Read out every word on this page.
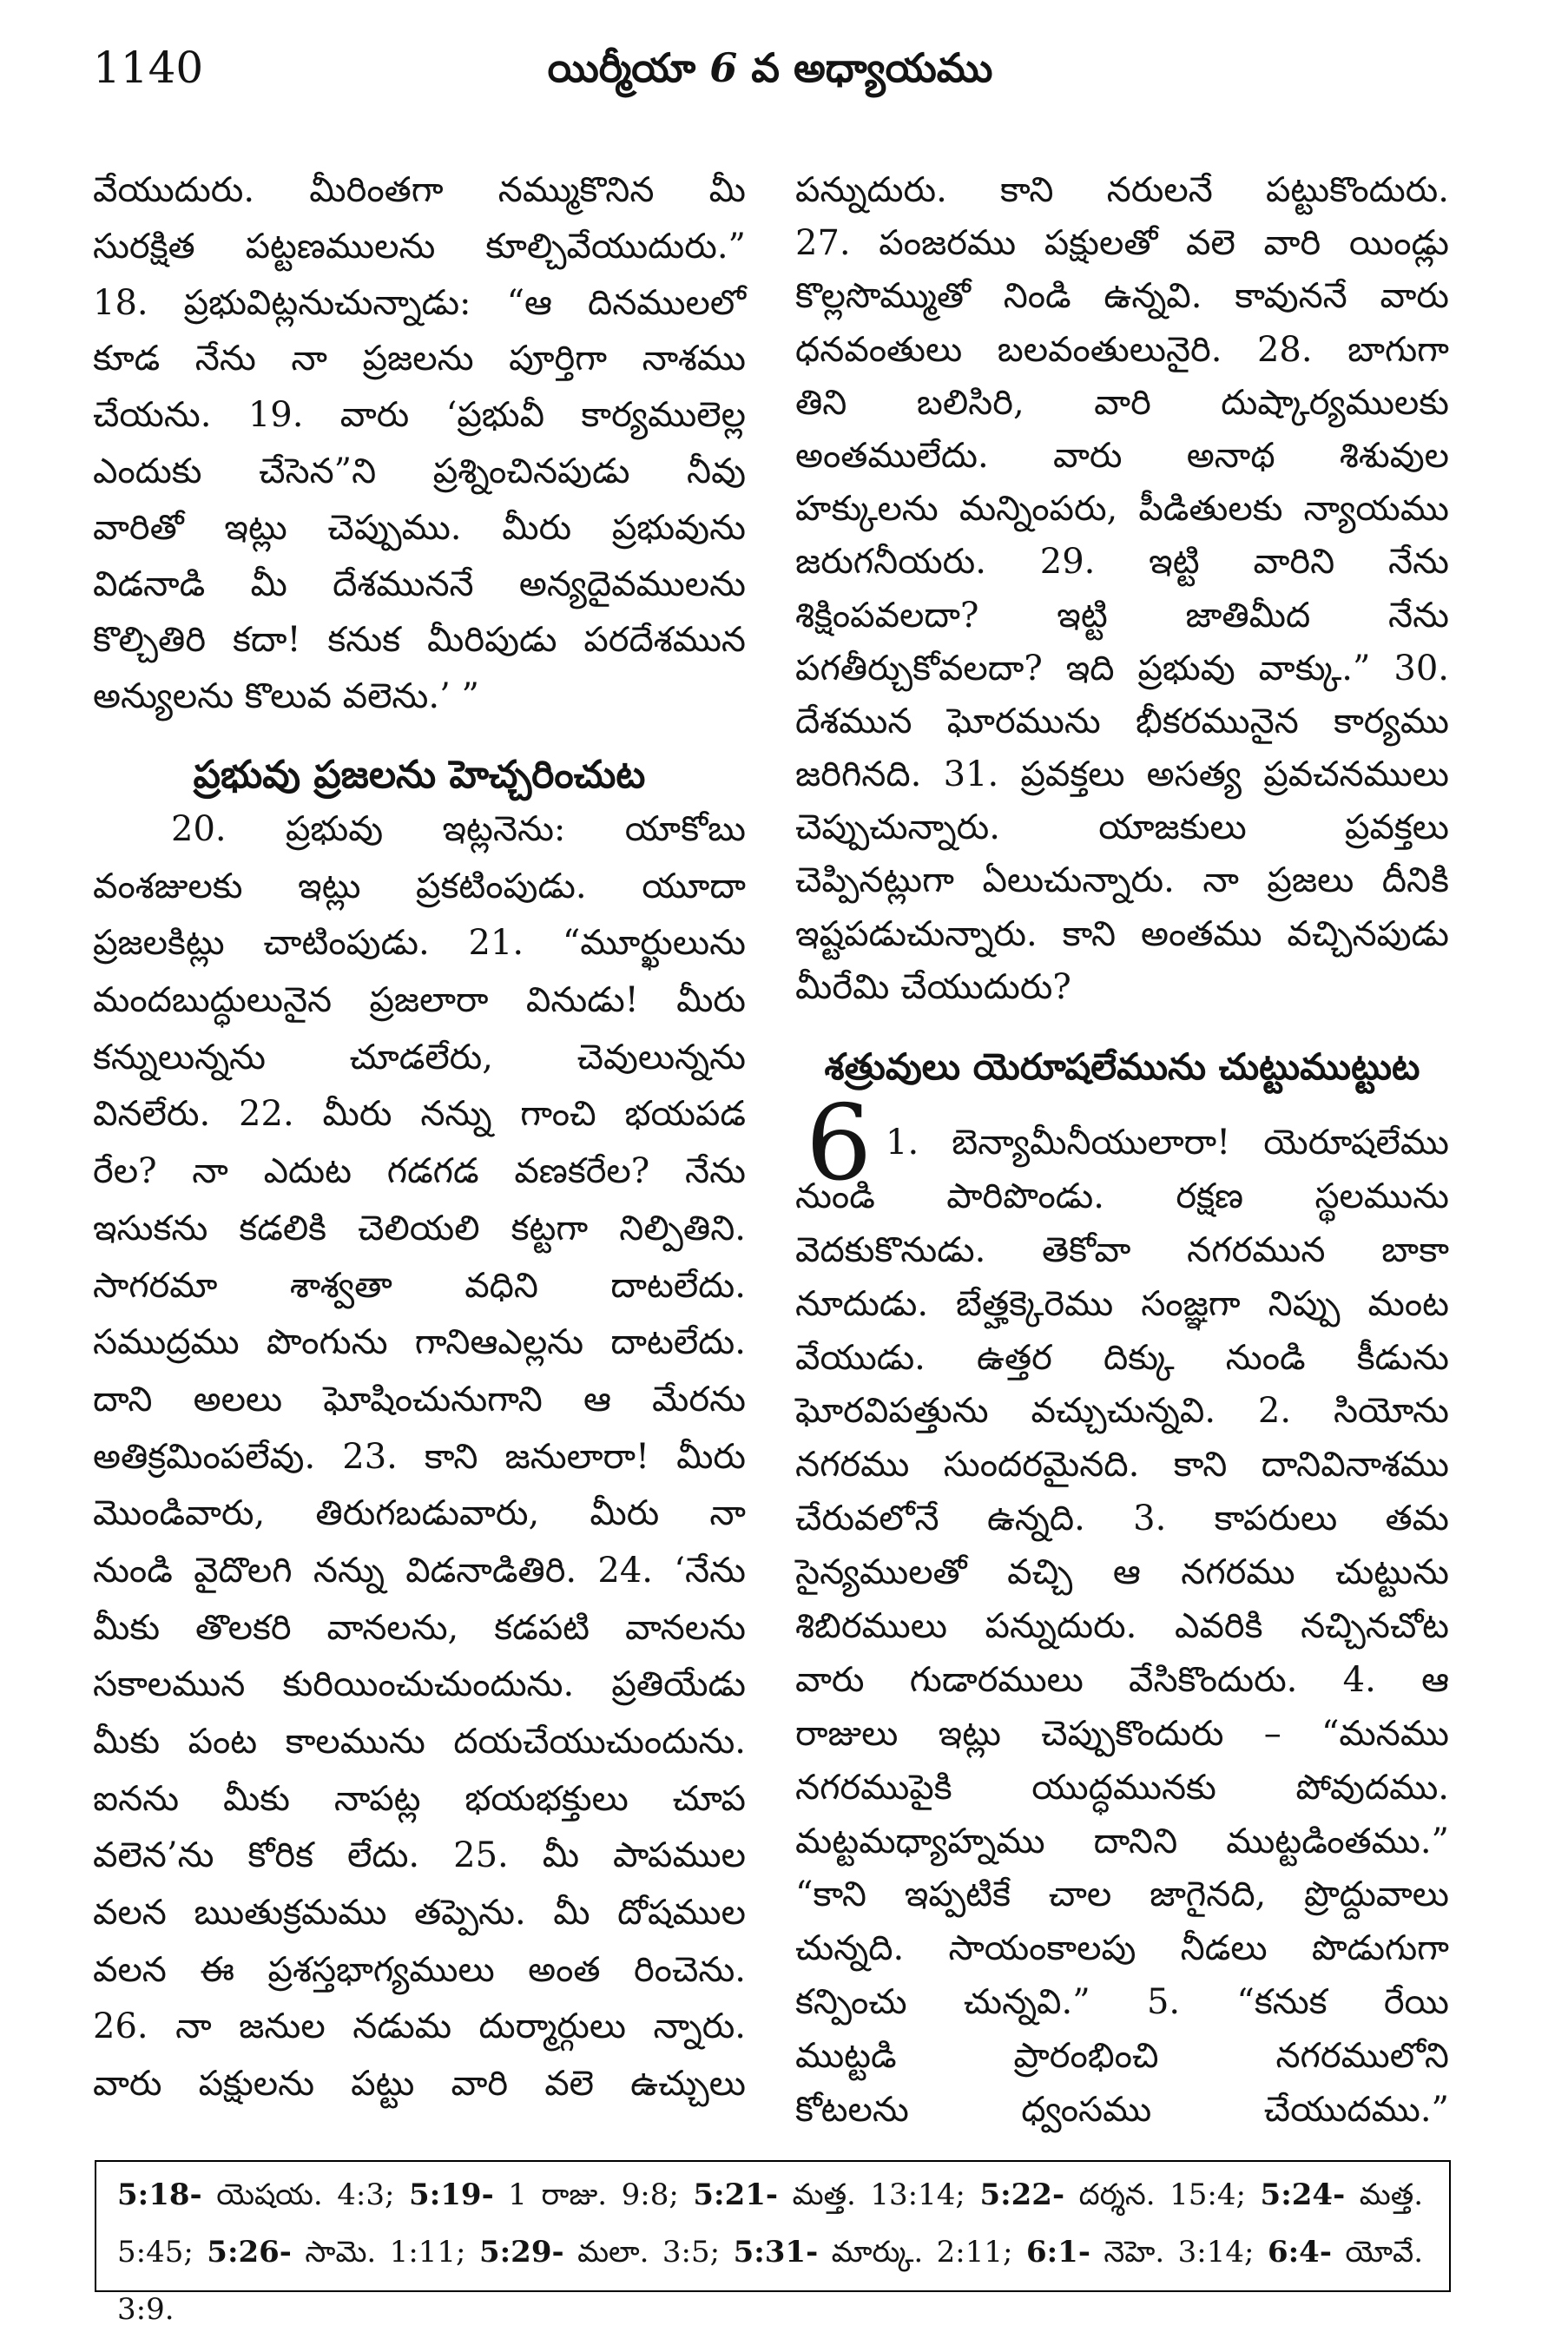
1140	యిర్మీయా 6 వ అధ్యాయము
వేయుదురు. మీరింతగా నమ్ముకొనిన మీ
సురక్షిత పట్టణములను కూల్చివేయుదురు.”
18. ప్రభువిట్లనుచున్నాడు: “ఆ దినములలో
కూడ నేను నా ప్రజలను పూర్తిగా నాశము
చేయను. 19. వారు ‘ప్రభువీ కార్యములెల్ల
ఎందుకు చేసెన”ని ప్రశ్నించినపుడు నీవు
వారితో ఇట్లు చెప్పుము. మీరు ప్రభువును
విడనాడి మీ దేశముననే అన్యదైవములను
కొల్చితిరి కదా! కనుక మీరిపుడు పరదేశమున
అన్యులను కొలువ వలెను.’ ”
ప్రభువు ప్రజలను హెచ్చరించుట
20. ప్రభువు ఇట్లనెను: యాకోబు
వంశజులకు ఇట్లు ప్రకటింపుడు. యూదా
ప్రజలకిట్లు చాటింపుడు. 21. “మూర్ఖులును
మందబుద్ధులునైన ప్రజలారా వినుడు! మీరు
కన్నులున్నను చూడలేరు, చెవులున్నను
వినలేరు. 22. మీరు నన్ను గాంచి భయపడ
రేల? నా ఎదుట గడగడ వణకరేల? నేను
ఇసుకను కడలికి చెలియలి కట్టగా నిల్పితిని.
సాగరమా శాశ్వతా వధిని దాటలేదు.
సముద్రము పొంగును గానిఆఎల్లను దాటలేదు.
దాని అలలు ఘోషించునుగాని ఆ మేరను
అతిక్రమింపలేవు. 23. కాని జనులారా! మీరు
మొండివారు, తిరుగబడువారు, మీరు నా
నుండి వైదొలగి నన్ను విడనాడితిరి. 24. ‘నేను
మీకు తొలకరి వానలను, కడపటి వానలను
సకాలమున కురియించుచుందును. ప్రతియేడు
మీకు పంట కాలమును దయచేయుచుందును.
ఐనను మీకు నాపట్ల భయభక్తులు చూప
వలెన’ను కోరిక లేదు. 25. మీ పాపముల
వలన ఋతుక్రమము తప్పెను. మీ దోషముల
వలన ఈ ప్రశస్తభాగ్యములు అంత రించెను.
26. నా జనుల నడుమ దుర్మార్గులు న్నారు.
వారు పక్షులను పట్టు వారి వలె ఉచ్చులు
పన్నుదురు. కాని నరులనే పట్టుకొందురు.
27. పంజరము పక్షులతో వలె వారి యిండ్లు
కొల్లసొమ్ముతో నిండి ఉన్నవి. కావుననే వారు
ధనవంతులు బలవంతులునైరి. 28. బాగుగా
తిని బలిసిరి, వారి దుష్కార్యములకు
అంతములేదు. వారు అనాథ శిశువుల
హక్కులను మన్నింపరు, పీడితులకు న్యాయము
జరుగనీయరు. 29. ఇట్టి వారిని నేను
శిక్షింపవలదా? ఇట్టి జాతిమీద నేను
పగతీర్చుకోవలదా? ఇది ప్రభువు వాక్కు.” 30.
దేశమున ఘోరమును భీకరమునైన కార్యము
జరిగినది. 31. ప్రవక్తలు అసత్య ప్రవచనములు
చెప్పుచున్నారు. యాజకులు ప్రవక్తలు
చెప్పినట్లుగా ఏలుచున్నారు. నా ప్రజలు దీనికి
ఇష్టపడుచున్నారు. కాని అంతము వచ్చినపుడు
మీరేమి చేయుదురు?
శత్రువులు యెరూషలేమును చుట్టుముట్టుట
6 1. బెన్యామీనీయులారా! యెరూషలేము
నుండి పారిపొండు. రక్షణ స్థలమును
వెదకుకొనుడు. తెకోవా నగరమున బాకా
నూదుడు. బేత్హక్కెరెము సంజ్ఞగా నిప్పు మంట
వేయుడు. ఉత్తర దిక్కు నుండి కీడును
ఘోరవిపత్తును వచ్చుచున్నవి. 2. సియోను
నగరము సుందరమైనది. కాని దానివినాశము
చేరువలోనే ఉన్నది. 3. కాపరులు తమ
సైన్యములతో వచ్చి ఆ నగరము చుట్టును
శిబిరములు పన్నుదురు. ఎవరికి నచ్చినచోట
వారు గుడారములు వేసికొందురు. 4. ఆ
రాజులు ఇట్లు చెప్పుకొందురు – “మనము
నగరముపైకి యుద్ధమునకు పోవుదము.
మట్టమధ్యాహ్నము దానిని ముట్టడింతము.”
“కాని ఇప్పటికే చాల జాగైనది, ప్రొద్దువాలు
చున్నది. సాయంకాలపు నీడలు పొడుగుగా
కన్పించు చున్నవి.” 5. “కనుక రేయి
ముట్టడి ప్రారంభించి నగరములోని
కోటలను ధ్వంసము చేయుదము.”
5:18- యెషయ. 4:3; 5:19- 1 రాజు. 9:8; 5:21- మత్త. 13:14; 5:22- దర్శన. 15:4; 5:24- మత్త.
5:45; 5:26- సామె. 1:11; 5:29- మలా. 3:5; 5:31- మార్కు. 2:11; 6:1- నెహె. 3:14; 6:4- యోవే. 3:9.
